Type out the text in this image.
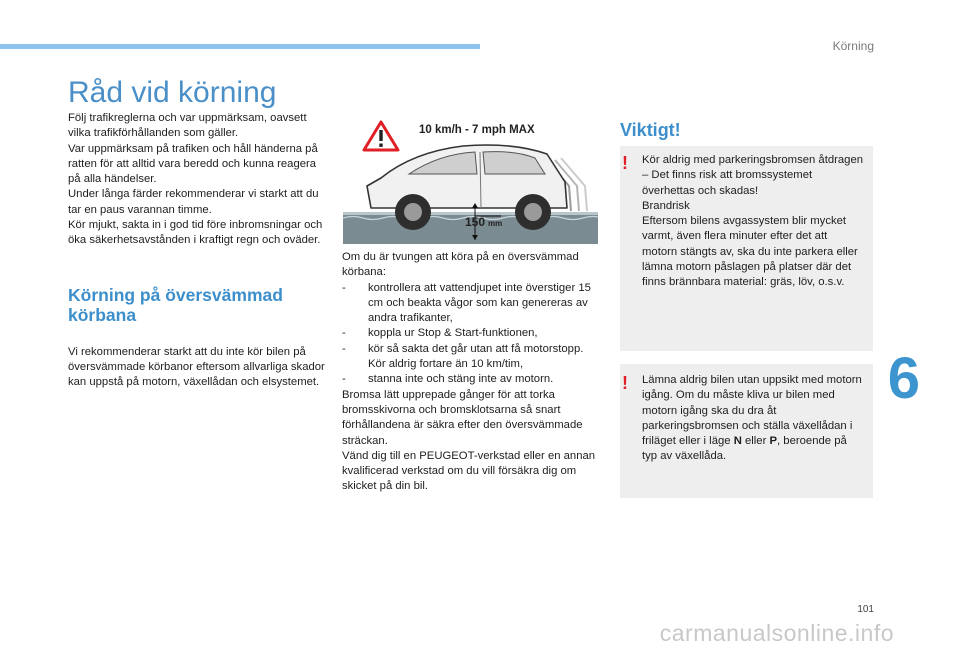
Körning
6
101
carmanualsonline.info
Råd vid körning

Följ trafikreglerna och var uppmärksam, oavsett vilka trafikförhållanden som gäller.

Var uppmärksam på trafiken och håll händerna på ratten för att alltid vara beredd och kunna reagera på alla händelser.

Under långa färder rekommenderar vi starkt att du tar en paus varannan timme.

Kör mjukt, sakta in i god tid före inbromsningar och öka säkerhetsavstånden i kraftigt regn och oväder.

Körning på översvämmad körbana

Vi rekommenderar starkt att du inte kör bilen på översvämmade körbanor eftersom allvarliga skador kan uppstå på motorn, växellådan och elsystemet.

10 km/h - 7 mph MAX
150 mm

Om du är tvungen att köra på en översvämmad körbana:

- kontrollera att vattendjupet inte överstiger 15 cm och beakta vågor som kan genereras av andra trafikanter,
- koppla ur Stop & Start-funktionen,
- kör så sakta det går utan att få motorstopp. Kör aldrig fortare än 10 km/tim,
- stanna inte och stäng inte av motorn.

Bromsa lätt upprepade gånger för att torka bromsskivorna och bromsklotsarna så snart förhållandena är säkra efter den översvämmade sträckan.

Vänd dig till en PEUGEOT-verkstad eller en annan kvalificerad verkstad om du vill försäkra dig om skicket på din bil.

Viktigt!
! Kör aldrig med parkeringsbromsen åtdragen – Det finns risk att bromssystemet överhettas och skadas!

Brandrisk

Eftersom bilens avgassystem blir mycket varmt, även flera minuter efter det att motorn stängts av, ska du inte parkera eller lämna motorn påslagen på platser där det finns brännbara material: gräs, löv, o.s.v.

! Lämna aldrig bilen utan uppsikt med motorn igång. Om du måste kliva ur bilen med motorn igång ska du dra åt parkeringsbromsen och ställa växellådan i friläget eller i läge N eller P, beroende på typ av växellåda.
